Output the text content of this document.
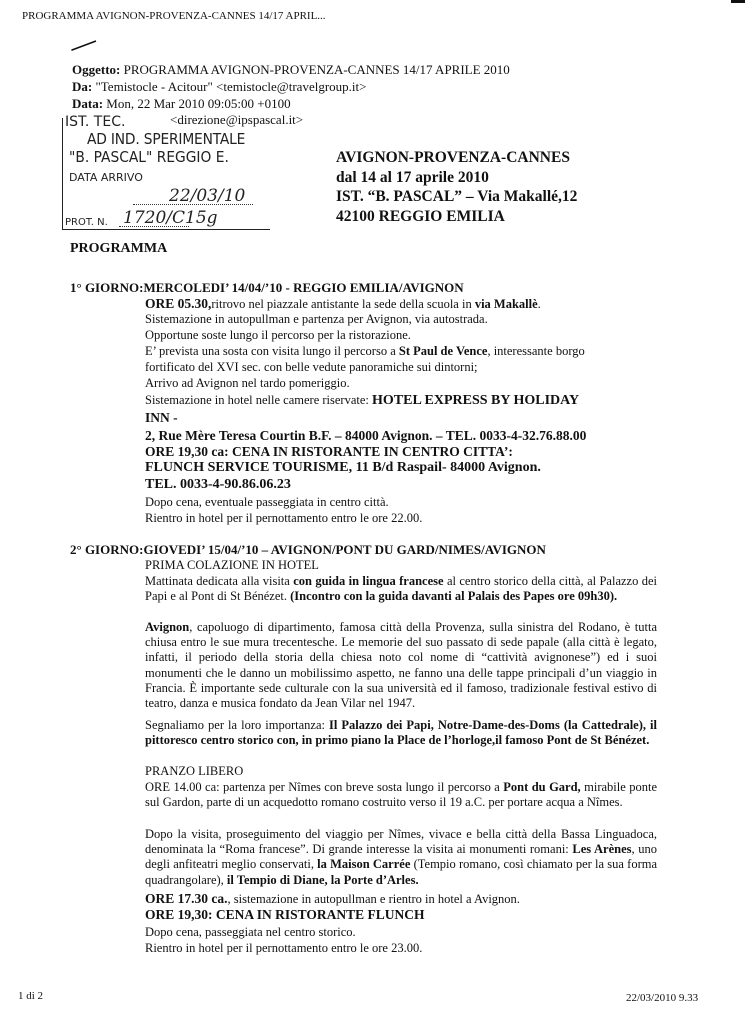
PROGRAMMA AVIGNON-PROVENZA-CANNES 14/17 APRIL...
Oggetto: PROGRAMMA AVIGNON-PROVENZA-CANNES 14/17 APRILE 2010
Da: "Temistocle - Acitour" <temistocle@travelgroup.it>
Data: Mon, 22 Mar 2010 09:05:00 +0100
<direzione@ipspascal.it>
IST. TEC.
AD IND. SPERIMENTALE
"B. PASCAL" REGGIO E.
DATA ARRIVO
22/03/10
PROT. N. 1720/C15g
AVIGNON-PROVENZA-CANNES
dal 14 al 17 aprile 2010
IST. “B. PASCAL” – Via Makallé,12
42100 REGGIO EMILIA
PROGRAMMA
1° GIORNO:MERCOLEDI’ 14/04/’10 - REGGIO EMILIA/AVIGNON
ORE 05.30,ritrovo nel piazzale antistante la sede della scuola in via Makallè.
Sistemazione in autopullman e partenza per Avignon, via autostrada.
Opportune soste lungo il percorso per la ristorazione.
E’ prevista una sosta con visita lungo il percorso a St Paul de Vence, interessante borgo
fortificato del XVI sec. con belle vedute panoramiche sui dintorni;
Arrivo ad Avignon nel tardo pomeriggio.
Sistemazione in hotel nelle camere riservate: HOTEL EXPRESS BY HOLIDAY
INN -
2, Rue Mère Teresa Courtin B.F. – 84000 Avignon. – TEL. 0033-4-32.76.88.00
ORE 19,30 ca: CENA IN RISTORANTE IN CENTRO CITTA’:
FLUNCH SERVICE TOURISME, 11 B/d Raspail- 84000 Avignon.
TEL. 0033-4-90.86.06.23
Dopo cena, eventuale passeggiata in centro città.
Rientro in hotel per il pernottamento entro le ore 22.00.
2° GIORNO:GIOVEDI’ 15/04/’10 – AVIGNON/PONT DU GARD/NIMES/AVIGNON
PRIMA COLAZIONE IN HOTEL
Mattinata dedicata alla visita con guida in lingua francese al centro storico della città, al Palazzo dei Papi e al Pont di St Bénézet. (Incontro con la guida davanti al Palais des Papes ore 09h30).
Avignon, capoluogo di dipartimento, famosa città della Provenza, sulla sinistra del Rodano, è tutta chiusa entro le sue mura trecentesche. Le memorie del suo passato di sede papale (alla città è legato, infatti, il periodo della storia della chiesa noto col nome di “cattività avignonese”) ed i suoi monumenti che le danno un mobilissimo aspetto, ne fanno una delle tappe principali d’un viaggio in Francia. È importante sede culturale con la sua università ed il famoso, tradizionale festival estivo di teatro, danza e musica fondato da Jean Vilar nel 1947.
Segnaliamo per la loro importanza: Il Palazzo dei Papi, Notre-Dame-des-Doms (la Cattedrale), il pittoresco centro storico con, in primo piano la Place de l’horloge,il famoso Pont de St Bénézet.
PRANZO LIBERO
ORE 14.00 ca: partenza per Nîmes con breve sosta lungo il percorso a Pont du Gard, mirabile ponte sul Gardon, parte di un acquedotto romano costruito verso il 19 a.C. per portare acqua a Nîmes.
Dopo la visita, proseguimento del viaggio per Nîmes, vivace e bella città della Bassa Linguadoca, denominata la “Roma francese”. Di grande interesse la visita ai monumenti romani: Les Arènes, uno degli anfiteatri meglio conservati, la Maison Carrée (Tempio romano, così chiamato per la sua forma quadrangolare), il Tempio di Diane, la Porte d’Arles.
ORE 17.30 ca., sistemazione in autopullman e rientro in hotel a Avignon.
ORE 19,30: CENA IN RISTORANTE FLUNCH
Dopo cena, passeggiata nel centro storico.
Rientro in hotel per il pernottamento entro le ore 23.00.
1 di 2	22/03/2010 9.33
